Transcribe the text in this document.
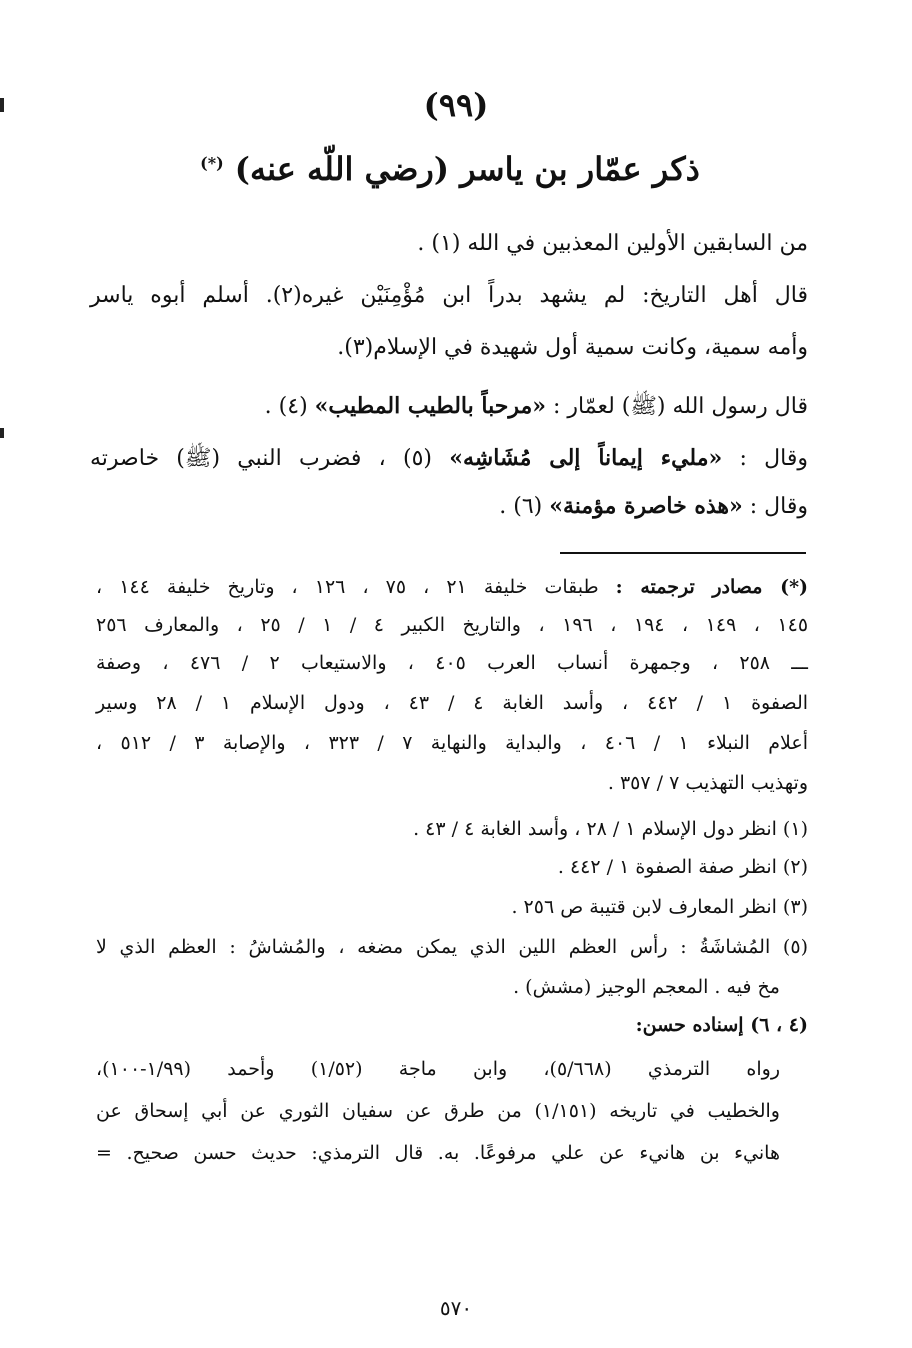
(٩٩)
ذكر عمّار بن ياسر (رضي اللّه عنه) (*)
من السابقين الأولين المعذبين في الله (١) .
قال أهل التاريخ: لم يشهد بدراً ابن مُؤْمِنَيْن غيره(٢). أسلم أبوه ياسر
وأمه سمية، وكانت سمية أول شهيدة في الإسلام(٣).
قال رسول الله (ﷺ) لعمّار : «مرحباً بالطيب المطيب» (٤) .
وقال : «مليء إيماناً إلى مُشَاشِه» (٥) ، فضرب النبي (ﷺ) خاصرته
وقال : «هذه خاصرة مؤمنة» (٦) .
(*) مصادر ترجمته : طبقات خليفة ٢١ ، ٧٥ ، ١٢٦ ، وتاريخ خليفة ١٤٤ ،
١٤٥ ، ١٤٩ ، ١٩٤ ، ١٩٦ ، والتاريخ الكبير ٤ / ١ / ٢٥ ، والمعارف ٢٥٦
ـــ ٢٥٨ ، وجمهرة أنساب العرب ٤٠٥ ، والاستيعاب ٢ / ٤٧٦ ، وصفة
الصفوة ١ / ٤٤٢ ، وأسد الغابة ٤ / ٤٣ ، ودول الإسلام ١ / ٢٨ وسير
أعلام النبلاء ١ / ٤٠٦ ، والبداية والنهاية ٧ / ٣٢٣ ، والإصابة ٣ / ٥١٢ ،
وتهذيب التهذيب ٧ / ٣٥٧ .
(١) انظر دول الإسلام ١ / ٢٨ ، وأسد الغابة ٤ / ٤٣ .
(٢) انظر صفة الصفوة ١ / ٤٤٢ .
(٣) انظر المعارف لابن قتيبة ص ٢٥٦ .
(٥) المُشاشَةُ : رأس العظم اللين الذي يمكن مضغه ، والمُشاشُ : العظم الذي لا
مخ فيه . المعجم الوجيز (مشش) .
(٤ ، ٦) إسناده حسن:
رواه الترمذي (٥/٦٦٨)، وابن ماجة (١/٥٢) وأحمد (١/٩٩-١٠٠)،
والخطيب في تاريخه (١/١٥١) من طرق عن سفيان الثوري عن أبي إسحاق عن
هانيء بن هانيء عن علي مرفوعًا. به. قال الترمذي: حديث حسن صحيح. =
٥٧٠
